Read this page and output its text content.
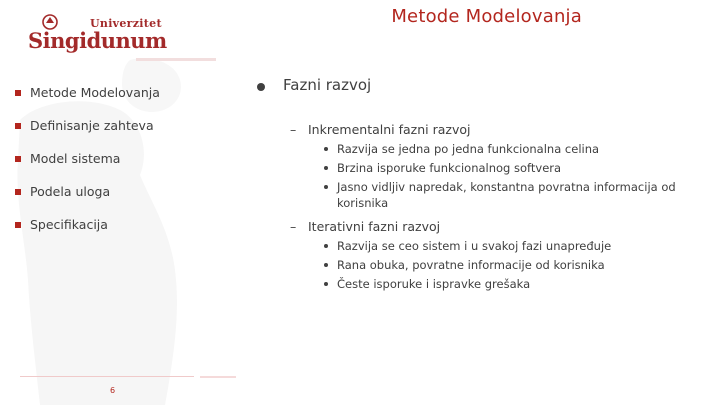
Univerzitet
Singidunum
Metode Modelovanja
Metode Modelovanja
Definisanje zahteva
Model sistema
Podela uloga
Specifikacija
6
Fazni razvoj
– Inkrementalni fazni razvoj
Razvija se jedna po jedna funkcionalna celina
Brzina isporuke funkcionalnog softvera
Jasno vidljiv napredak, konstantna povratna informacija od korisnika
– Iterativni fazni razvoj
Razvija se ceo sistem i u svakoj fazi unapređuje
Rana obuka, povratne informacije od korisnika
Česte isporuke i ispravke grešaka
